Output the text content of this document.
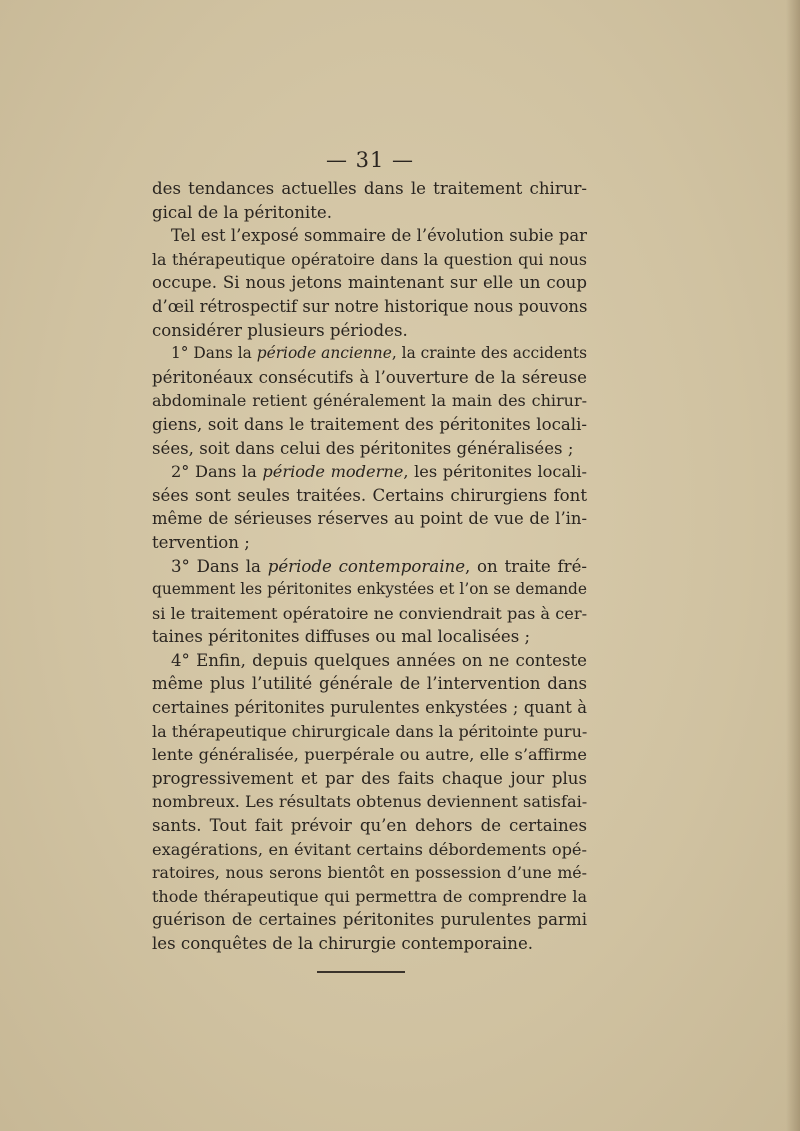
— 31 —
des tendances actuelles dans le traitement chirur-
gical de la péritonite.
Tel est l’exposé sommaire de l’évolution subie par
la thérapeutique opératoire dans la question qui nous
occupe. Si nous jetons maintenant sur elle un coup
d’œil rétrospectif sur notre historique nous pouvons
considérer plusieurs périodes.
1° Dans la période ancienne, la crainte des accidents
péritonéaux consécutifs à l’ouverture de la séreuse
abdominale retient généralement la main des chirur-
giens, soit dans le traitement des péritonites locali-
sées, soit dans celui des péritonites généralisées ;
2° Dans la période moderne, les péritonites locali-
sées sont seules traitées. Certains chirurgiens font
même de sérieuses réserves au point de vue de l’in-
tervention ;
3° Dans la période contemporaine, on traite fré-
quemment les péritonites enkystées et l’on se demande
si le traitement opératoire ne conviendrait pas à cer-
taines péritonites diffuses ou mal localisées ;
4° Enfin, depuis quelques années on ne conteste
même plus l’utilité générale de l’intervention dans
certaines péritonites purulentes enkystées ; quant à
la thérapeutique chirurgicale dans la péritointe puru-
lente généralisée, puerpérale ou autre, elle s’affirme
progressivement et par des faits chaque jour plus
nombreux. Les résultats obtenus deviennent satisfai-
sants. Tout fait prévoir qu’en dehors de certaines
exagérations, en évitant certains débordements opé-
ratoires, nous serons bientôt en possession d’une mé-
thode thérapeutique qui permettra de comprendre la
guérison de certaines péritonites purulentes parmi
les conquêtes de la chirurgie contemporaine.
